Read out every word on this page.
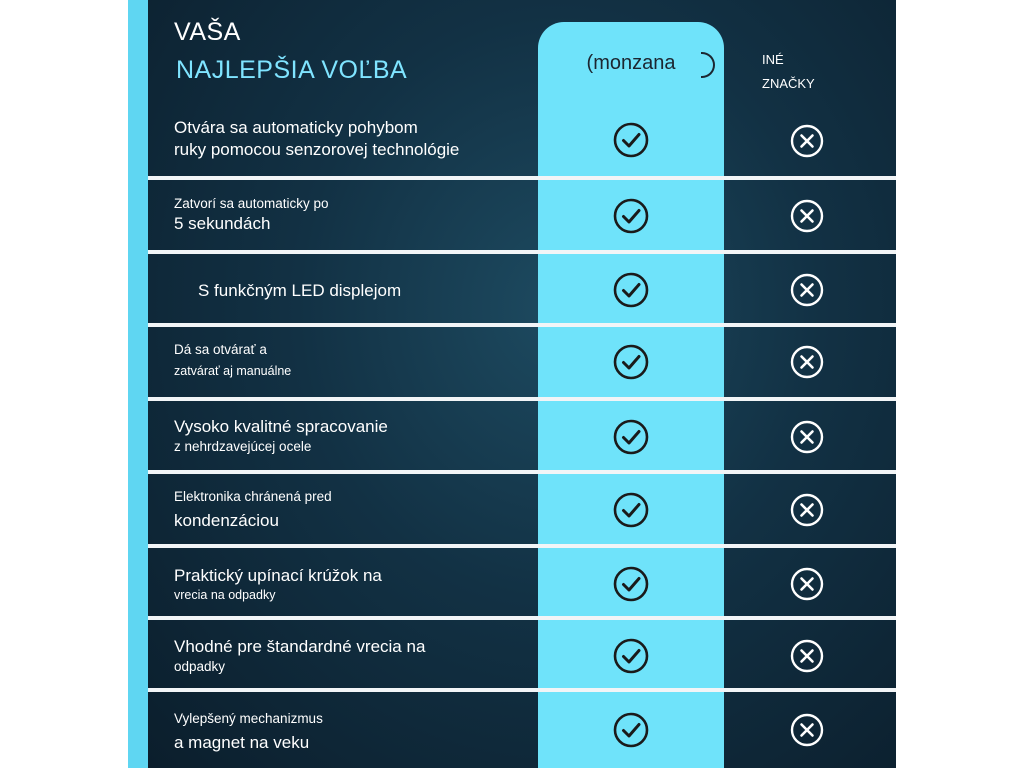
VAŠA
NAJLEPŠIA VOĽBA	(monzana	INÉ
ZNAČKY
Otvára sa automaticky pohybom
ruky pomocou senzorovej technológie
Zatvorí sa automaticky po
5 sekundách
S funkčným LED displejom
Dá sa otvárať a
zatvárať aj manuálne
Vysoko kvalitné spracovanie
z nehrdzavejúcej ocele
Elektronika chránená pred
kondenzáciou
Praktický upínací krúžok na
vrecia na odpadky
Vhodné pre štandardné vrecia na
odpadky
Vylepšený mechanizmus
a magnet na veku
